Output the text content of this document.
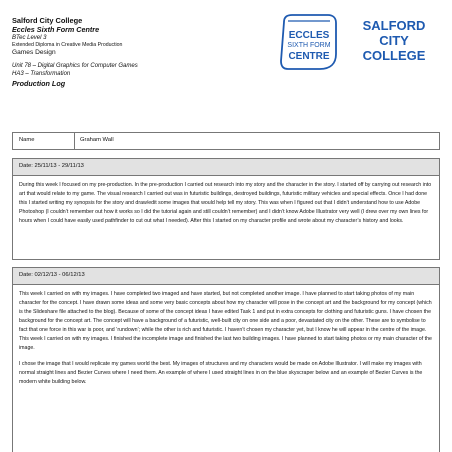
Salford City College
Eccles Sixth Form Centre
BTec Level 3
Extended Diploma in Creative Media Production
Games Design
Unit 78 – Digital Graphics for Computer Games
HA3 – Transformation
Production Log
ECCLES
SIXTH FORM
CENTRE
SALFORD
CITY
COLLEGE
Name	Graham Wall
Date: 25/11/13 - 29/11/13

During this week I focused on my pre-production. In the pre-production I carried out research into my story and the character in the story. I started off by carrying out research into art that would relate to my game. The visual research I carried out was in futuristic buildings, destroyed buildings, futuristic military vehicles and special effects. Once I had done this I started writing my synopsis for the story and draw/edit some images that would help tell my story. This was when I figured out that I didn’t understand how to use Adobe Photoshop (I couldn’t remember out how it works so I did the tutorial again and still couldn’t remember) and I didn’t know Adobe Illustrator very well (I drew over my own lines for hours when I could have easily used pathfinder to cut out what I needed). After this I started on my character profile and wrote about my character’s history and looks.

Date: 02/12/13 - 06/12/13

This week I carried on with my images. I have completed two imaged and have started, but not completed another image. I have planned to start taking photos of my main character for the concept. I have drawn some ideas and some very basic concepts about how my character will pose in the concept art and the background for my concept (which is the Slideshare file attached to the blog). Because of some of the concept ideas I have edited Task 1 and put in extra concepts for clothing and futuristic guns. I have chosen the background for the concept art. The concept will have a background of a futuristic, well-built city on one side and a poor, devastated city on the other. These are to symbolise to fact that one force in this war is poor, and ‘rundown’; while the other is rich and futuristic. I haven’t chosen my character yet, but I know he will appear in the centre of the image. This week I carried on with my images. I finished the incomplete image and finished the last two building images. I have planned to start taking photos or my main character of the image.

I chose the image that I would replicate my games world the best. My images of structures and my characters would be made on Adobe Illustrator. I will make my images with normal straight lines and Bezier Curves where I need them. An example of where I used straight lines in on the blue skyscraper below and an example of Bezier Curves is the modern white building below.
